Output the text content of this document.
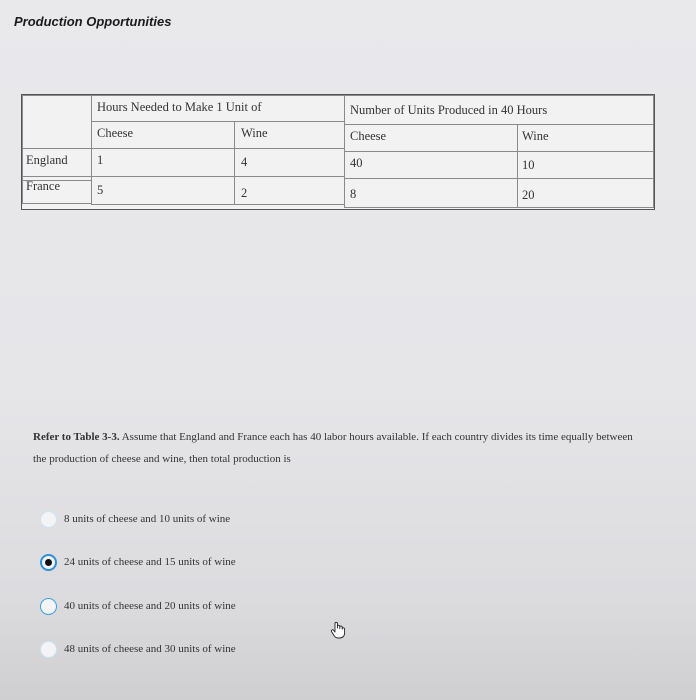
Production Opportunities
Hours Needed to Make 1 Unit of	Number of Units Produced in 40 Hours
Cheese	Wine	Cheese	Wine
England 1	4	40	10
France	5	2	8	20
Refer to Table 3-3. Assume that England and France each has 40 labor hours available. If each country divides its time equally between the production of cheese and wine, then total production is
8 units of cheese and 10 units of wine
24 units of cheese and 15 units of wine
40 units of cheese and 20 units of wine
48 units of cheese and 30 units of wine
